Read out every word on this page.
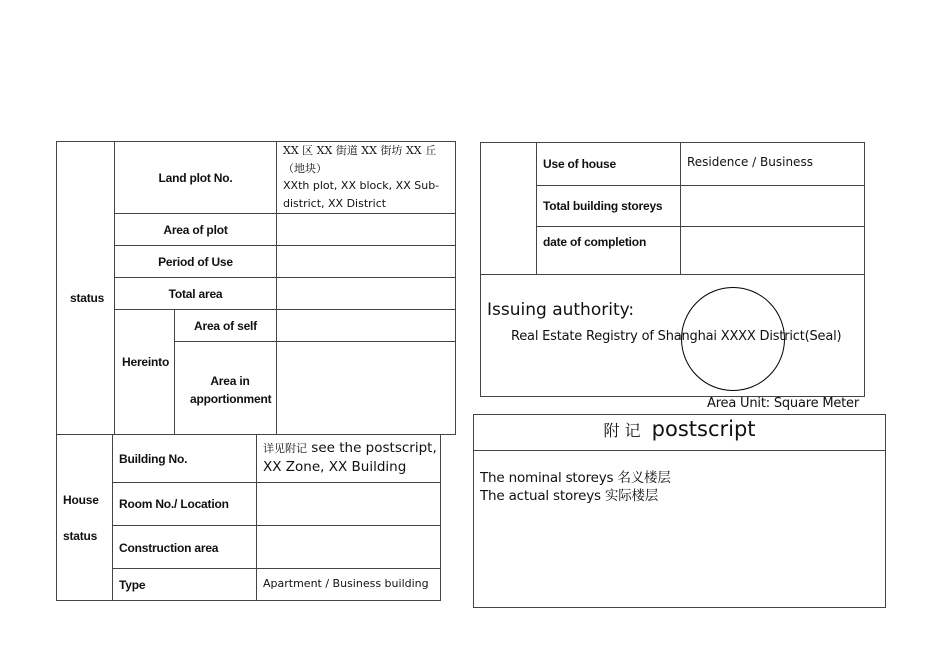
status
Land plot No.
XX 区 XX 街道 XX 街坊 XX 丘（地块）
XXth plot, XX block, XX Sub-district, XX District
Area of plot
Period of Use
Total area
Hereinto
Area of self
Area in apportionment
House
status
Building No.
详见附记 see the postscript, XX Zone, XX Building
Room No./ Location
Construction area
Type	Apartment / Business building
Use of house	Residence / Business
Total building storeys
date of completion
Issuing authority:
Real Estate Registry of Shanghai XXXX District(Seal)
Area Unit: Square Meter
附 记 postscript
The nominal storeys 名义楼层
The actual storeys 实际楼层
